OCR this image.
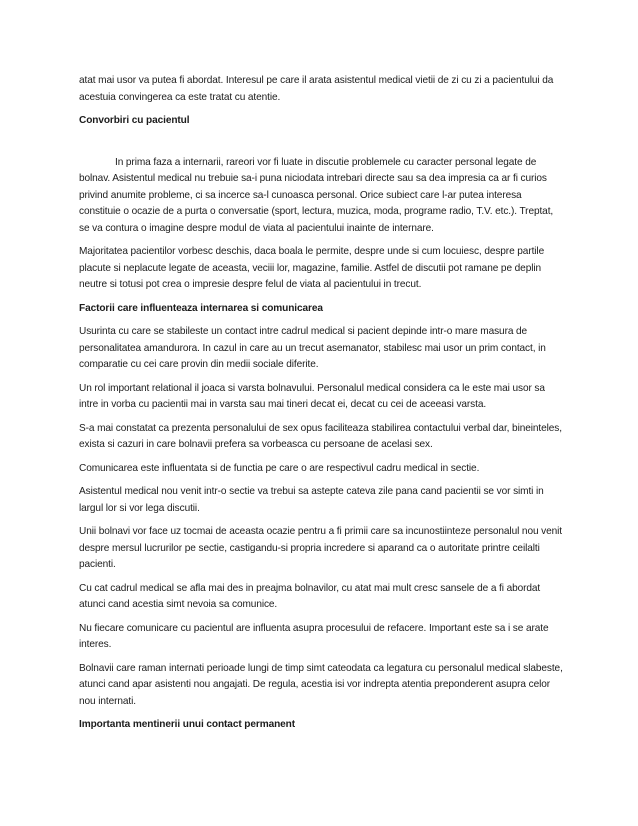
atat mai usor va putea fi abordat. Interesul pe care il arata asistentul medical vietii de zi cu zi a pacientului da acestuia convingerea ca este tratat cu atentie.

Convorbiri cu pacientul

In prima faza a internarii, rareori vor fi luate in discutie problemele cu caracter personal legate de bolnav. Asistentul medical nu trebuie sa-i puna niciodata intrebari directe sau sa dea impresia ca ar fi curios privind anumite probleme, ci sa incerce sa-l cunoasca personal. Orice subiect care l-ar putea interesa constituie o ocazie de a purta o conversatie (sport, lectura, muzica, moda, programe radio, T.V. etc.). Treptat, se va contura o imagine despre modul de viata al pacientului inainte de internare.

Majoritatea pacientilor vorbesc deschis, daca boala le permite, despre unde si cum locuiesc, despre partile placute si neplacute legate de aceasta, veciii lor, magazine, familie. Astfel de discutii pot ramane pe deplin neutre si totusi pot crea o impresie despre felul de viata al pacientului in trecut.

Factorii care influenteaza internarea si comunicarea

Usurinta cu care se stabileste un contact intre cadrul medical si pacient depinde intr-o mare masura de personalitatea amandurora. In cazul in care au un trecut asemanator, stabilesc mai usor un prim contact, in comparatie cu cei care provin din medii sociale diferite.

Un rol important relational il joaca si varsta bolnavului. Personalul medical considera ca le este mai usor sa intre in vorba cu pacientii mai in varsta sau mai tineri decat ei, decat cu cei de aceeasi varsta.

S-a mai constatat ca prezenta personalului de sex opus faciliteaza stabilirea contactului verbal dar, bineinteles, exista si cazuri in care bolnavii prefera sa vorbeasca cu persoane de acelasi sex.

Comunicarea este influentata si de functia pe care o are respectivul cadru medical in sectie.

Asistentul medical nou venit intr-o sectie va trebui sa astepte cateva zile pana cand pacientii se vor simti in largul lor si vor lega discutii.

Unii bolnavi vor face uz tocmai de aceasta ocazie pentru a fi primii care sa incunostiinteze personalul nou venit despre mersul lucrurilor pe sectie, castigandu-si propria incredere si aparand ca o autoritate printre ceilalti pacienti.

Cu cat cadrul medical se afla mai des in preajma bolnavilor, cu atat mai mult cresc sansele de a fi abordat atunci cand acestia simt nevoia sa comunice.

Nu fiecare comunicare cu pacientul are influenta asupra procesului de refacere. Important este sa i se arate interes.

Bolnavii care raman internati perioade lungi de timp simt cateodata ca legatura cu personalul medical slabeste, atunci cand apar asistenti nou angajati. De regula, acestia isi vor indrepta atentia preponderent asupra celor nou internati.

Importanta mentinerii unui contact permanent
